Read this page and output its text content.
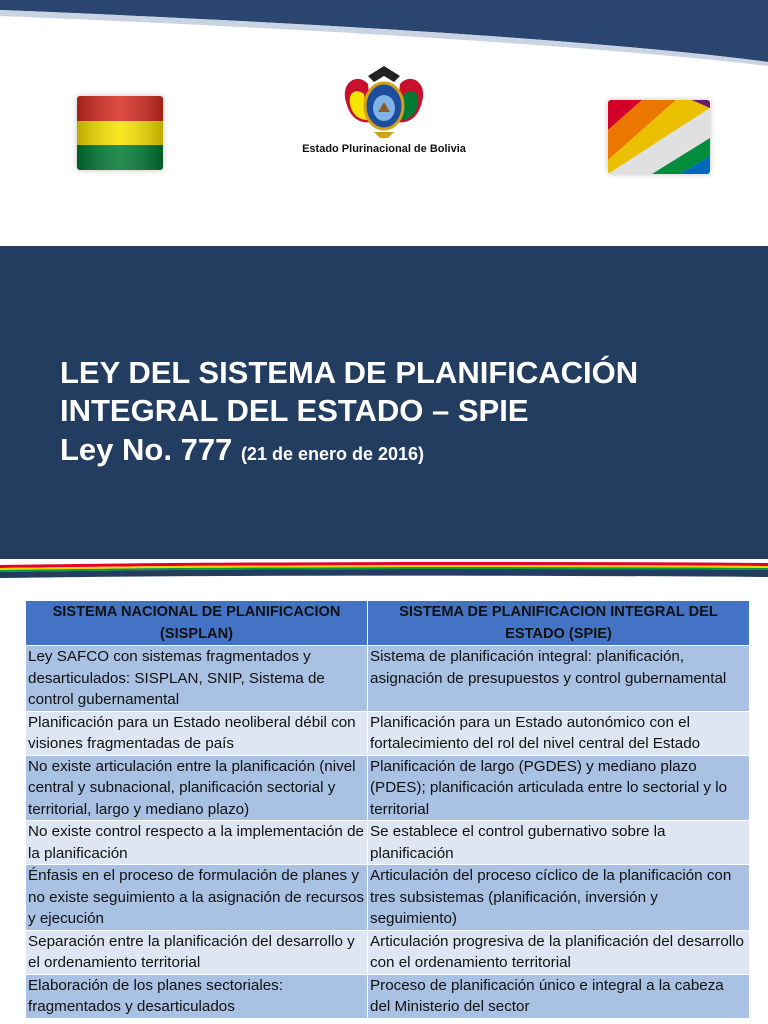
Estado Plurinacional de Bolivia
LEY DEL SISTEMA DE PLANIFICACIÓN
INTEGRAL DEL ESTADO – SPIE
Ley No. 777 (21 de enero de 2016)
SISTEMA NACIONAL DE PLANIFICACION (SISPLAN)	SISTEMA DE PLANIFICACION INTEGRAL DEL ESTADO (SPIE)
Ley SAFCO con sistemas fragmentados y desarticulados: SISPLAN, SNIP, Sistema de control gubernamental	Sistema de planificación integral: planificación, asignación de presupuestos y control gubernamental
Planificación para un Estado neoliberal débil con visiones fragmentadas de país	Planificación para un Estado autonómico con el fortalecimiento del rol del nivel central del Estado
No existe articulación entre la planificación (nivel central y subnacional, planificación sectorial y territorial, largo y mediano plazo)	Planificación de largo (PGDES) y mediano plazo (PDES); planificación articulada entre lo sectorial y lo territorial
No existe control respecto a la implementación de la planificación	Se establece el control gubernativo sobre la planificación
Énfasis en el proceso de formulación de planes y no existe seguimiento a la asignación de recursos y ejecución	Articulación del proceso cíclico de la planificación con tres subsistemas (planificación, inversión y seguimiento)
Separación entre la planificación del desarrollo y el ordenamiento territorial	Articulación progresiva de la planificación del desarrollo con el ordenamiento territorial
Elaboración de los planes sectoriales: fragmentados y desarticulados	Proceso de planificación único e integral a la cabeza del Ministerio del sector
